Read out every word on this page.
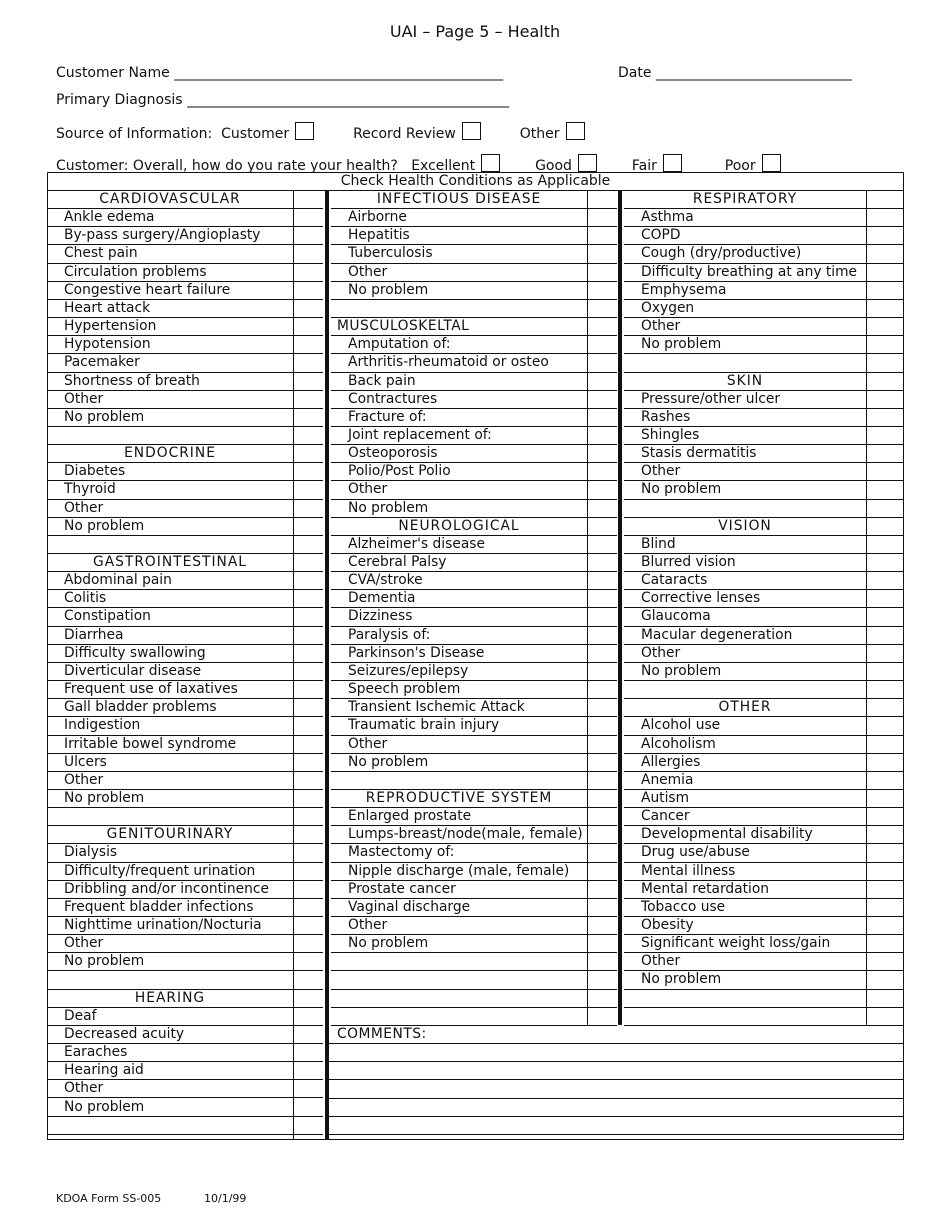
UAI – Page 5 – Health
Customer Name _______________________________________________	Date ____________________________
Primary Diagnosis ______________________________________________
Source of Information: Customer	Record Review	Other
Customer: Overall, how do you rate your health? Excellent	Good	Fair	Poor
Check Health Conditions as Applicable
CARDIOVASCULAR
Ankle edema
By-pass surgery/Angioplasty
Chest pain
Circulation problems
Congestive heart failure
Heart attack
Hypertension
Hypotension
Pacemaker
Shortness of breath
Other
No problem
ENDOCRINE
Diabetes
Thyroid
Other
No problem
GASTROINTESTINAL
Abdominal pain
Colitis
Constipation
Diarrhea
Difficulty swallowing
Diverticular disease
Frequent use of laxatives
Gall bladder problems
Indigestion
Irritable bowel syndrome
Ulcers
Other
No problem
GENITOURINARY
Dialysis
Difficulty/frequent urination
Dribbling and/or incontinence
Frequent bladder infections
Nighttime urination/Nocturia
Other
No problem
HEARING
Deaf
Decreased acuity
Earaches
Hearing aid
Other
No problem
INFECTIOUS DISEASE
Airborne
Hepatitis
Tuberculosis
Other
No problem
MUSCULOSKELTAL
Amputation of:
Arthritis-rheumatoid or osteo
Back pain
Contractures
Fracture of:
Joint replacement of:
Osteoporosis
Polio/Post Polio
Other
No problem
NEUROLOGICAL
Alzheimer's disease
Cerebral Palsy
CVA/stroke
Dementia
Dizziness
Paralysis of:
Parkinson's Disease
Seizures/epilepsy
Speech problem
Transient Ischemic Attack
Traumatic brain injury
Other
No problem
REPRODUCTIVE SYSTEM
Enlarged prostate
Lumps-breast/node(male, female)
Mastectomy of:
Nipple discharge (male, female)
Prostate cancer
Vaginal discharge
Other
No problem
RESPIRATORY
Asthma
COPD
Cough (dry/productive)
Difficulty breathing at any time
Emphysema
Oxygen
Other
No problem
SKIN
Pressure/other ulcer
Rashes
Shingles
Stasis dermatitis
Other
No problem
VISION
Blind
Blurred vision
Cataracts
Corrective lenses
Glaucoma
Macular degeneration
Other
No problem
OTHER
Alcohol use
Alcoholism
Allergies
Anemia
Autism
Cancer
Developmental disability
Drug use/abuse
Mental illness
Mental retardation
Tobacco use
Obesity
Significant weight loss/gain
Other
No problem
COMMENTS:
KDOA Form SS-005	10/1/99
